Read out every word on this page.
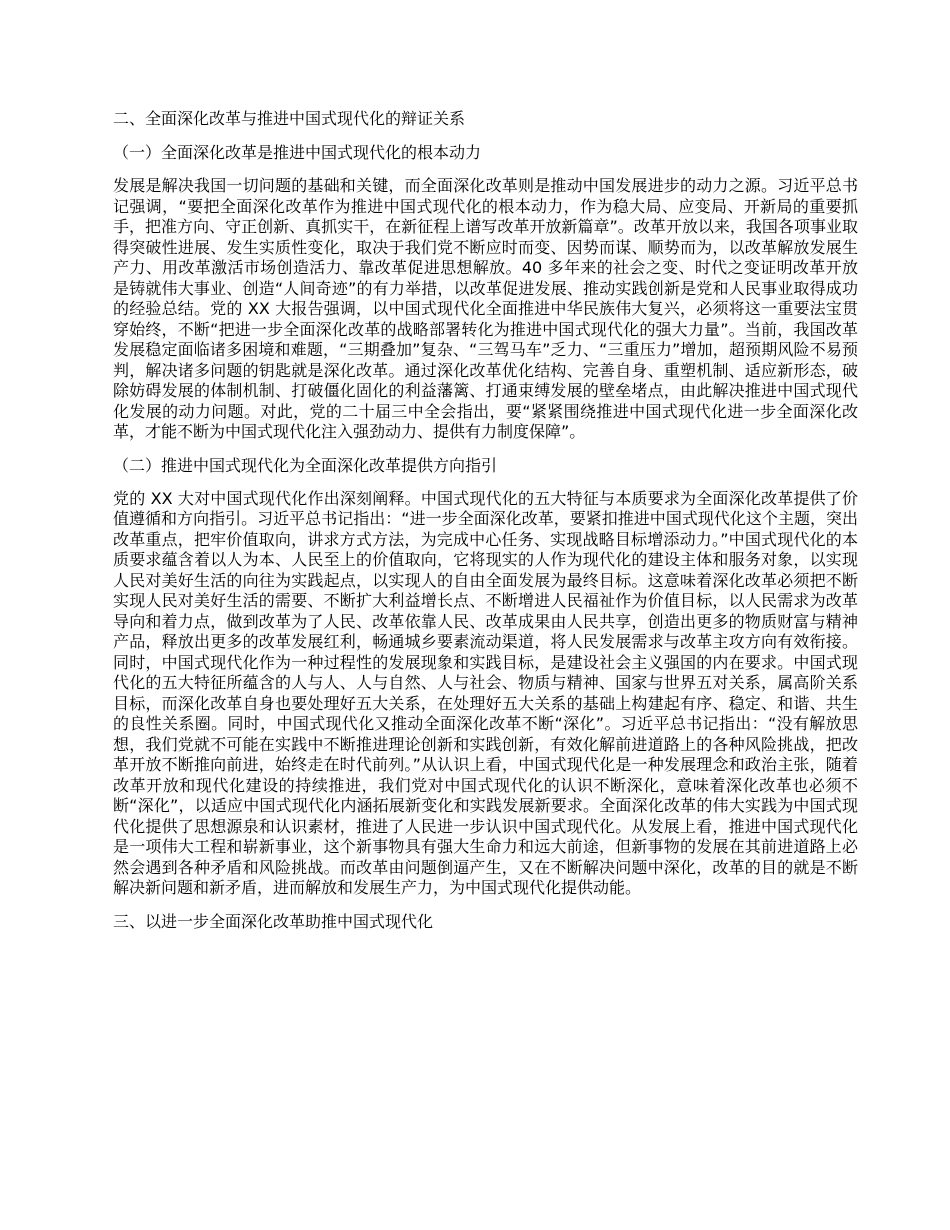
二、全面深化改革与推进中国式现代化的辩证关系
（一）全面深化改革是推进中国式现代化的根本动力

发展是解决我国一切问题的基础和关键，而全面深化改革则是推动中国发展进步的动力之源。习近平总书记强调，“要把全面深化改革作为推进中国式现代化的根本动力，作为稳大局、应变局、开新局的重要抓手，把准方向、守正创新、真抓实干，在新征程上谱写改革开放新篇章”。改革开放以来，我国各项事业取得突破性进展、发生实质性变化，取决于我们党不断应时而变、因势而谋、顺势而为，以改革解放发展生产力、用改革激活市场创造活力、靠改革促进思想解放。40 多年来的社会之变、时代之变证明改革开放是铸就伟大事业、创造“人间奇迹”的有力举措，以改革促进发展、推动实践创新是党和人民事业取得成功的经验总结。党的 XX 大报告强调，以中国式现代化全面推进中华民族伟大复兴，必须将这一重要法宝贯穿始终，不断“把进一步全面深化改革的战略部署转化为推进中国式现代化的强大力量”。当前，我国改革发展稳定面临诸多困境和难题，“三期叠加”复杂、“三驾马车”乏力、“三重压力”增加，超预期风险不易预判，解决诸多问题的钥匙就是深化改革。通过深化改革优化结构、完善自身、重塑机制、适应新形态，破除妨碍发展的体制机制、打破僵化固化的利益藩篱、打通束缚发展的壁垒堵点，由此解决推进中国式现代化发展的动力问题。对此，党的二十届三中全会指出，要“紧紧围绕推进中国式现代化进一步全面深化改革，才能不断为中国式现代化注入强劲动力、提供有力制度保障”。

（二）推进中国式现代化为全面深化改革提供方向指引

党的 XX 大对中国式现代化作出深刻阐释。中国式现代化的五大特征与本质要求为全面深化改革提供了价值遵循和方向指引。习近平总书记指出：“进一步全面深化改革，要紧扣推进中国式现代化这个主题，突出改革重点，把牢价值取向，讲求方式方法，为完成中心任务、实现战略目标增添动力。”中国式现代化的本质要求蕴含着以人为本、人民至上的价值取向，它将现实的人作为现代化的建设主体和服务对象，以实现人民对美好生活的向往为实践起点，以实现人的自由全面发展为最终目标。这意味着深化改革必须把不断实现人民对美好生活的需要、不断扩大利益增长点、不断增进人民福祉作为价值目标，以人民需求为改革导向和着力点，做到改革为了人民、改革依靠人民、改革成果由人民共享，创造出更多的物质财富与精神产品，释放出更多的改革发展红利，畅通城乡要素流动渠道，将人民发展需求与改革主攻方向有效衔接。同时，中国式现代化作为一种过程性的发展现象和实践目标，是建设社会主义强国的内在要求。中国式现代化的五大特征所蕴含的人与人、人与自然、人与社会、物质与精神、国家与世界五对关系，属高阶关系目标，而深化改革自身也要处理好五大关系，在处理好五大关系的基础上构建起有序、稳定、和谐、共生的良性关系圈。同时，中国式现代化又推动全面深化改革不断“深化”。习近平总书记指出：“没有解放思想，我们党就不可能在实践中不断推进理论创新和实践创新，有效化解前进道路上的各种风险挑战，把改革开放不断推向前进，始终走在时代前列。”从认识上看，中国式现代化是一种发展理念和政治主张，随着改革开放和现代化建设的持续推进，我们党对中国式现代化的认识不断深化，意味着深化改革也必须不断“深化”，以适应中国式现代化内涵拓展新变化和实践发展新要求。全面深化改革的伟大实践为中国式现代化提供了思想源泉和认识素材，推进了人民进一步认识中国式现代化。从发展上看，推进中国式现代化是一项伟大工程和崭新事业，这个新事物具有强大生命力和远大前途，但新事物的发展在其前进道路上必然会遇到各种矛盾和风险挑战。而改革由问题倒逼产生，又在不断解决问题中深化，改革的目的就是不断解决新问题和新矛盾，进而解放和发展生产力，为中国式现代化提供动能。

三、以进一步全面深化改革助推中国式现代化
